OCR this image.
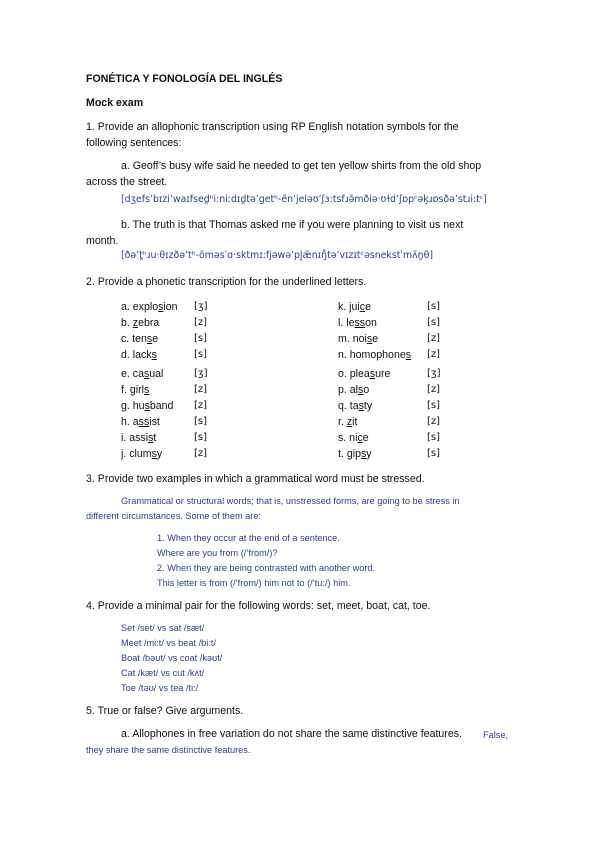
FONÉTICA Y FONOLOGÍA DEL INGLÉS
Mock exam
1. Provide an allophonic transcription using RP English notation symbols for the
following sentences:
a. Geoff’s busy wife said he needed to get ten yellow shirts from the old shop
across the street.
[dʒefs’bɪzi’waɪfsed̪ʰi:niːdɪd̪tə’getʰ-ẽn’jeləʊ’ʃɜ:tsfɹə̃mðiə·ʊɫd’ʃɒpᶜək̟ɹɒsðə’stɹi:tᶜ]
b. The truth is that Thomas asked me if you were planning to visit us next
month.
[ðə’t̪ʰɹu·θɪzðə’tʰ-õməsˈɑ·sktmɪ:fjəwə’pl̥æ̃nɪŋ̊tə’vɪzɪtᶜəsnekstˈmʌ̃n̪θ]
2. Provide a phonetic transcription for the underlined letters.
a. explosion [ʒ]
b. zebra	[z]
c. tense	[s]
d. lacks	[s]
e. casual	[ʒ]
f. girls	[z]
g. husband [z]
h. assist	[s]
i. assist	[s]
j. clumsy	[z]
k. juice	[s]
l. lesson	[s]
m. noise	[z]
n. homophones [z]
o. pleasure	[ʒ]
p. also	[z]
q. tasty	[s]
r. zit	[z]
s. nice	[s]
t. gipsy	[s]
3. Provide two examples in which a grammatical word must be stressed.
Grammatical or structural words; that is, unstressed forms, are going to be stress in
different circumstances. Some of them are:
1. When they occur at the end of a sentence.
Where are you from (/’from/)?
2. When they are being contrasted with another word.
This letter is from (/’from/) him not to (/’tu:/) him.
4. Provide a minimal pair for the following words: set, meet, boat, cat, toe.
Set /set/ vs sat /sæt/
Meet /mi:t/ vs beat /bi:t/
Boat /bəʊt/ vs coat /kəʊt/
Cat /kæt/ vs cut /kʌt/
Toe /təʊ/ vs tea /ti:/
5. True or false? Give arguments.
a. Allophones in free variation do not share the same distinctive features. False,
they share the same distinctive features.
